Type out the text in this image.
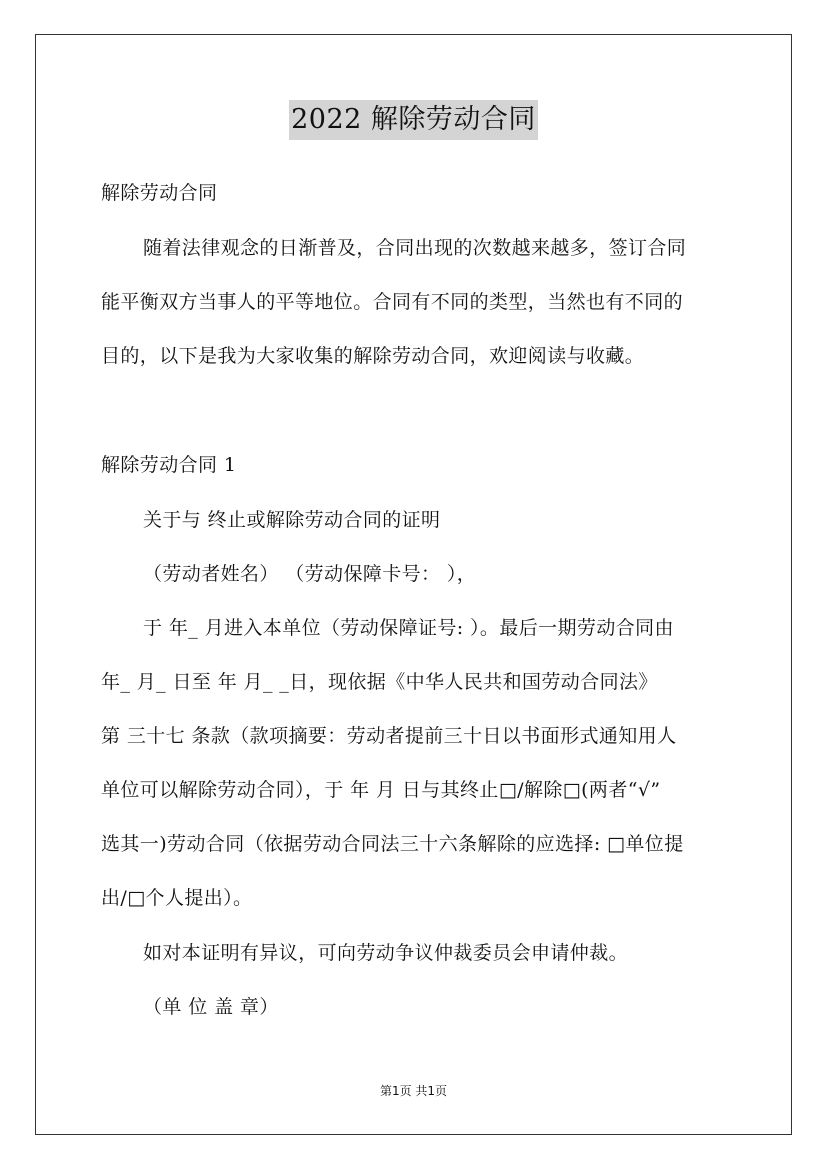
2022 解除劳动合同
解除劳动合同
随着法律观念的日渐普及，合同出现的次数越来越多，签订合同
能平衡双方当事人的平等地位。合同有不同的类型，当然也有不同的
目的，以下是我为大家收集的解除劳动合同，欢迎阅读与收藏。
解除劳动合同 1
关于与 终止或解除劳动合同的证明
（劳动者姓名） （劳动保障卡号： ），
于 年_ 月进入本单位（劳动保障证号: ）。最后一期劳动合同由
年_ 月_ 日至 年 月_ _日，现依据《中华人民共和国劳动合同法》
第 三十七 条款（款项摘要：劳动者提前三十日以书面形式通知用人
单位可以解除劳动合同），于 年 月 日与其终止□/解除□(两者“√”
选其一)劳动合同（依据劳动合同法三十六条解除的应选择: □单位提
出/□个人提出）。
如对本证明有异议，可向劳动争议仲裁委员会申请仲裁。
（单 位 盖 章）
第1页 共1页
